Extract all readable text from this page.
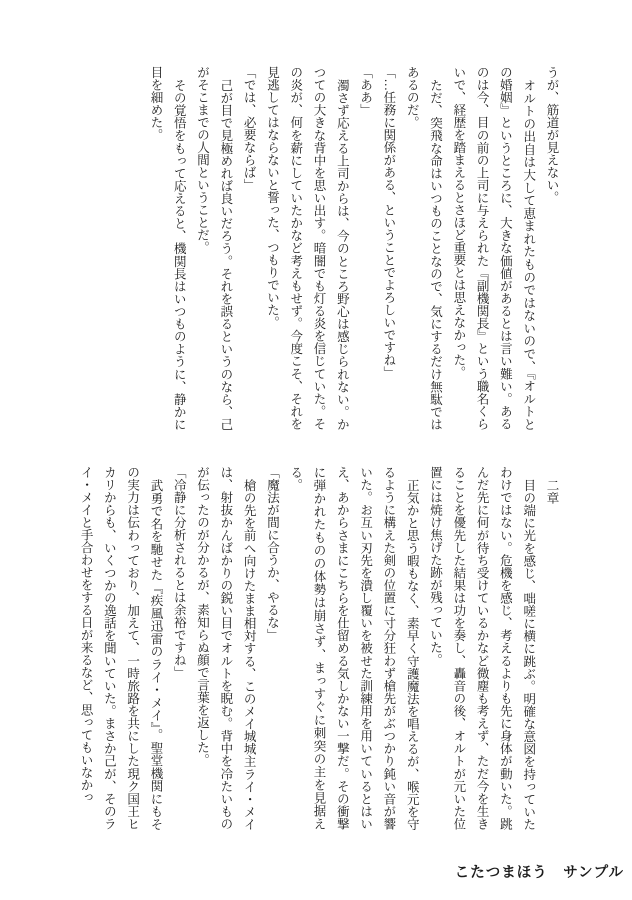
うが、筋道が見えない。

オルトの出自は大して恵まれたものではないので、『オルトとの婚姻』というところに、大きな価値があるとは言い難い。あるのは今、目の前の上司に与えられた『副機関長』という職名くらいで、経歴を踏まえるとさほど重要とは思えなかった。

ただ、突飛な命はいつものことなので、気にするだけ無駄ではあるのだ。

「…任務に関係がある、ということでよろしいですね」

「ああ」

濁さず応える上司からは、今のところ野心は感じられない。かつての大きな背中を思い出す。暗闇でも灯る炎を信じていた。その炎が、何を薪にしていたかなど考えもせず。今度こそ、それを見逃してはならないと誓った、つもりでいた。

「では、必要ならば」

己が目で見極めれば良いだろう。それを誤るというのなら、己がそこまでの人間ということだ。

その覚悟をもって応えると、機関長はいつものように、静かに目を細めた。

二章

目の端に光を感じ、咄嗟に横に跳ぶ。明確な意図を持っていたわけではない。危機を感じ、考えるよりも先に身体が動いた。跳んだ先に何が待ち受けているかなど微塵も考えず、ただ今を生きることを優先した結果は功を奏し、轟音の後、オルトが元いた位置には焼け焦げた跡が残っていた。

正気かと思う暇もなく、素早く守護魔法を唱えるが、喉元を守るように構えた剣の位置に寸分狂わず槍先がぶつかり鈍い音が響いた。お互い刃先を潰し覆いを被せた訓練用を用いているとはいえ、あからさまにこちらを仕留める気しかない一撃だ。その衝撃に弾かれたものの体勢は崩さず、まっすぐに刺突の主を見据える。

「魔法が間に合うか、やるな」

槍の先を前へ向けたまま相対する、このメイ城城主ライ・メイは、射抜かんばかりの鋭い目でオルトを睨む。背中を冷たいものが伝ったのが分かるが、素知らぬ顔で言葉を返した。

「冷静に分析されるとは余裕ですね」

武勇で名を馳せた『疾風迅雷のライ・メイ』。聖堂機関にもその実力は伝わっており、加えて、一時旅路を共にした現ク国王ヒカリからも、いくつかの逸話を聞いていた。まさか己が、そのライ・メイと手合わせをする日が来るなど、思ってもいなかっ

こたつまほう　サンプル
